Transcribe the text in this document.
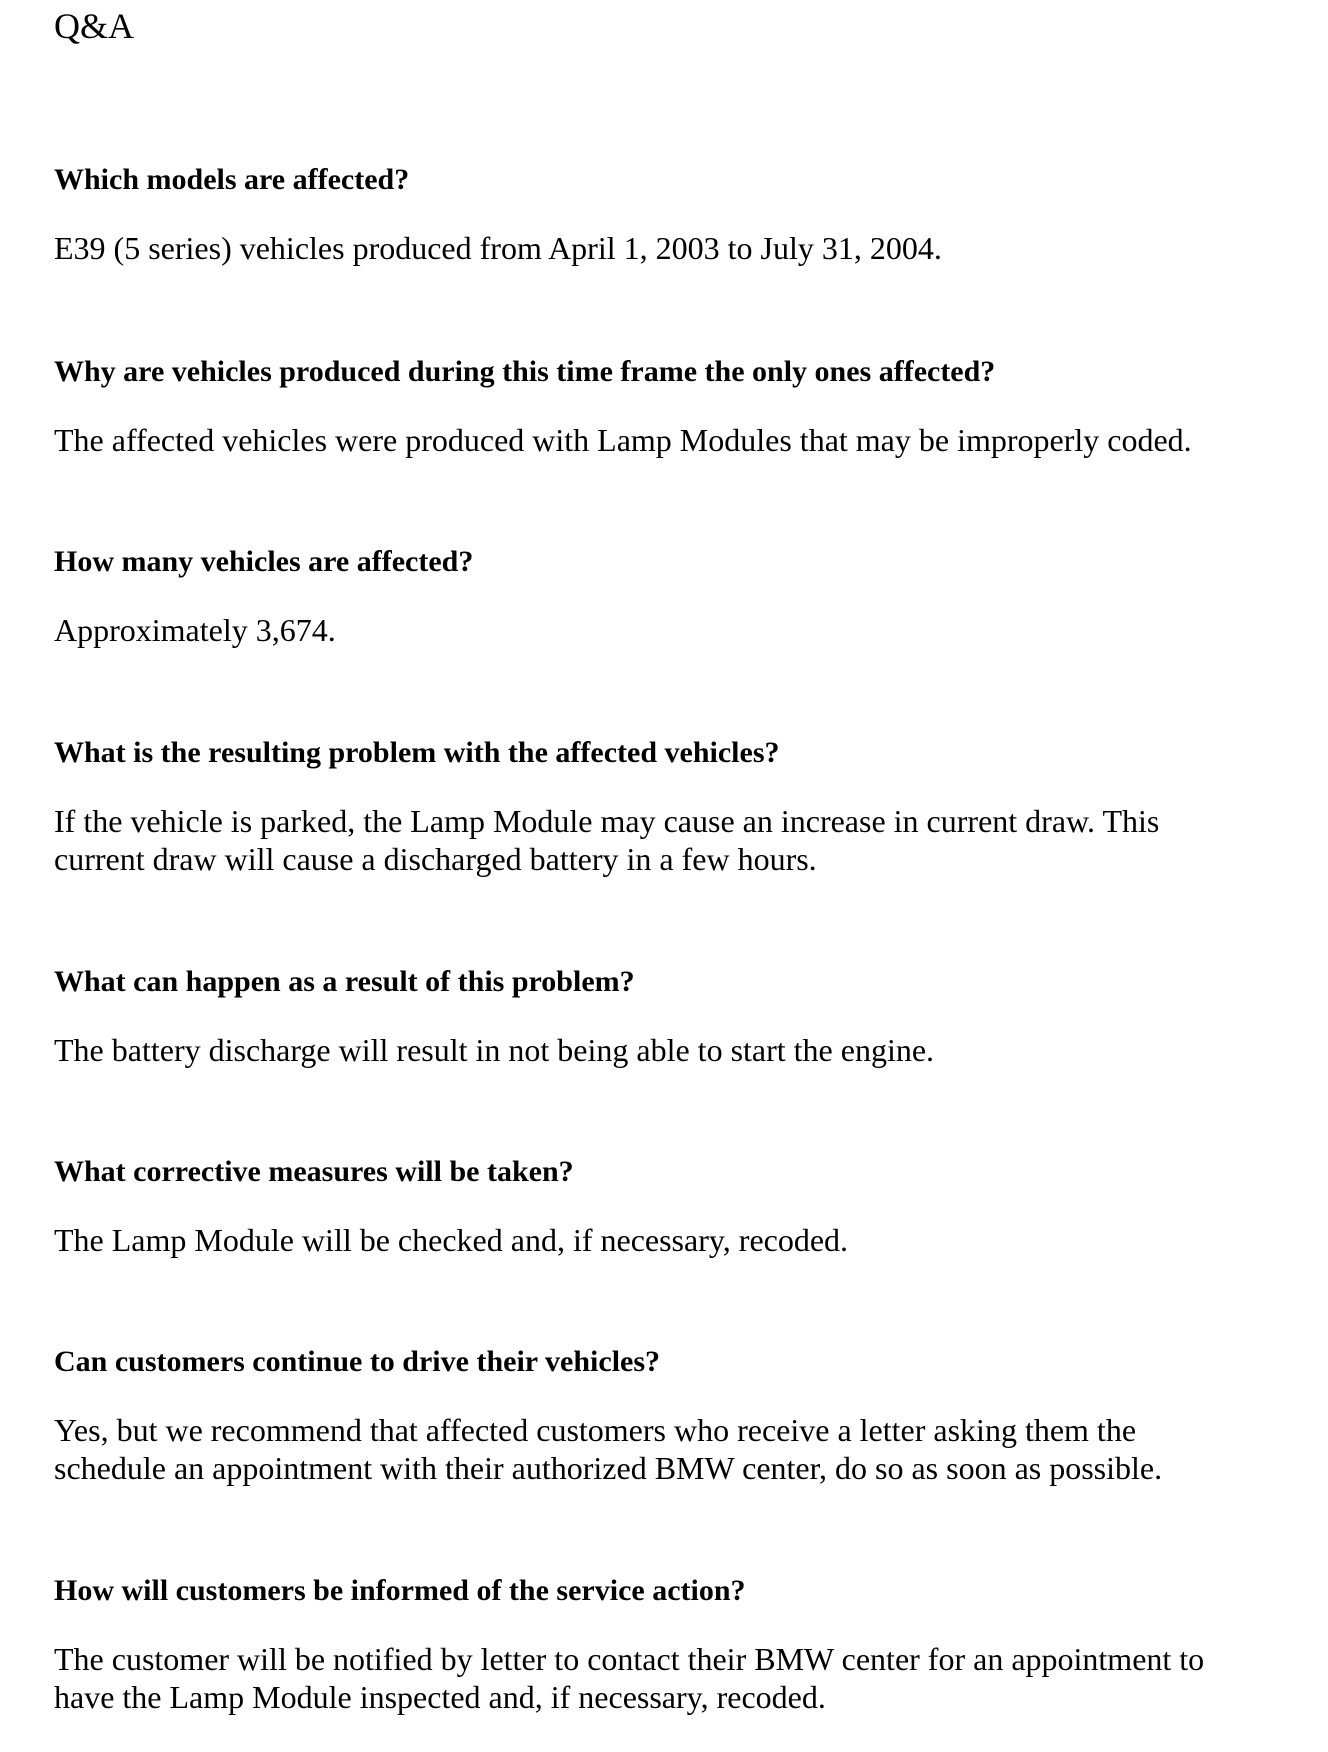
Q&A

Which models are affected?

E39 (5 series) vehicles produced from April 1, 2003 to July 31, 2004.

Why are vehicles produced during this time frame the only ones affected?

The affected vehicles were produced with Lamp Modules that may be improperly coded.

How many vehicles are affected?

Approximately 3,674.

What is the resulting problem with the affected vehicles?

If the vehicle is parked, the Lamp Module may cause an increase in current draw. This
current draw will cause a discharged battery in a few hours.

What can happen as a result of this problem?

The battery discharge will result in not being able to start the engine.

What corrective measures will be taken?

The Lamp Module will be checked and, if necessary, recoded.

Can customers continue to drive their vehicles?

Yes, but we recommend that affected customers who receive a letter asking them the
schedule an appointment with their authorized BMW center, do so as soon as possible.

How will customers be informed of the service action?

The customer will be notified by letter to contact their BMW center for an appointment to
have the Lamp Module inspected and, if necessary, recoded.
